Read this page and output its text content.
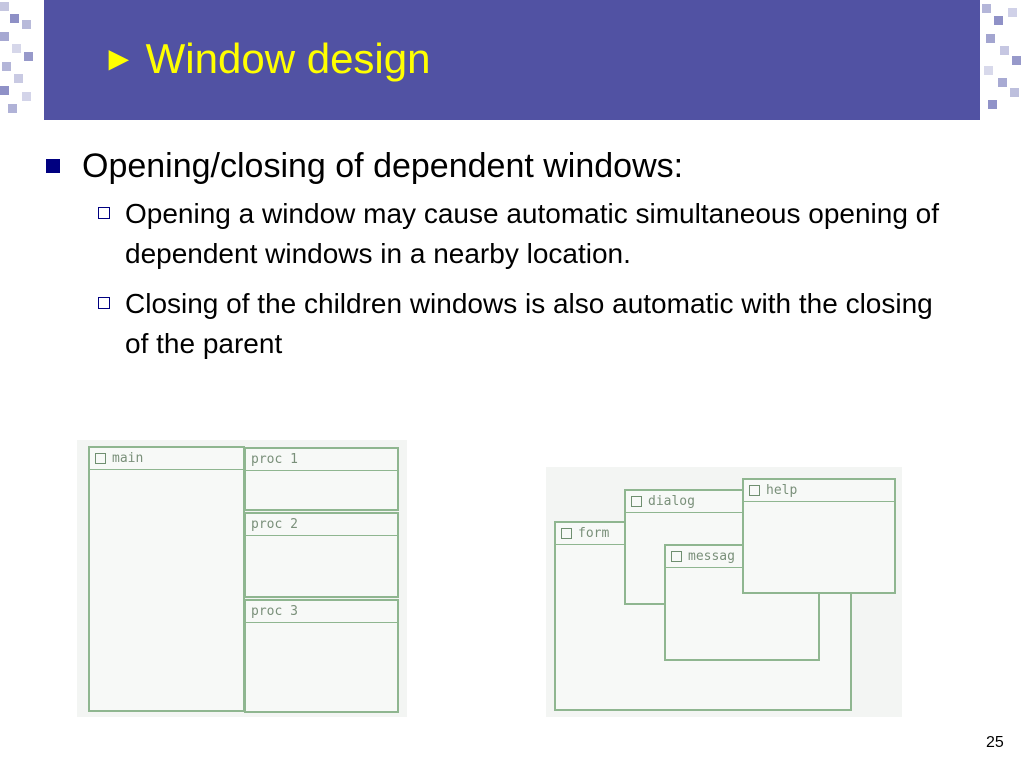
► Window design
Opening/closing of dependent windows:
Opening a window may cause automatic simultaneous opening of dependent windows in a nearby location.
Closing of the children windows is also automatic with the closing of the parent
main	proc 1
proc 2
proc 3
form
dialog
messag
help
25
